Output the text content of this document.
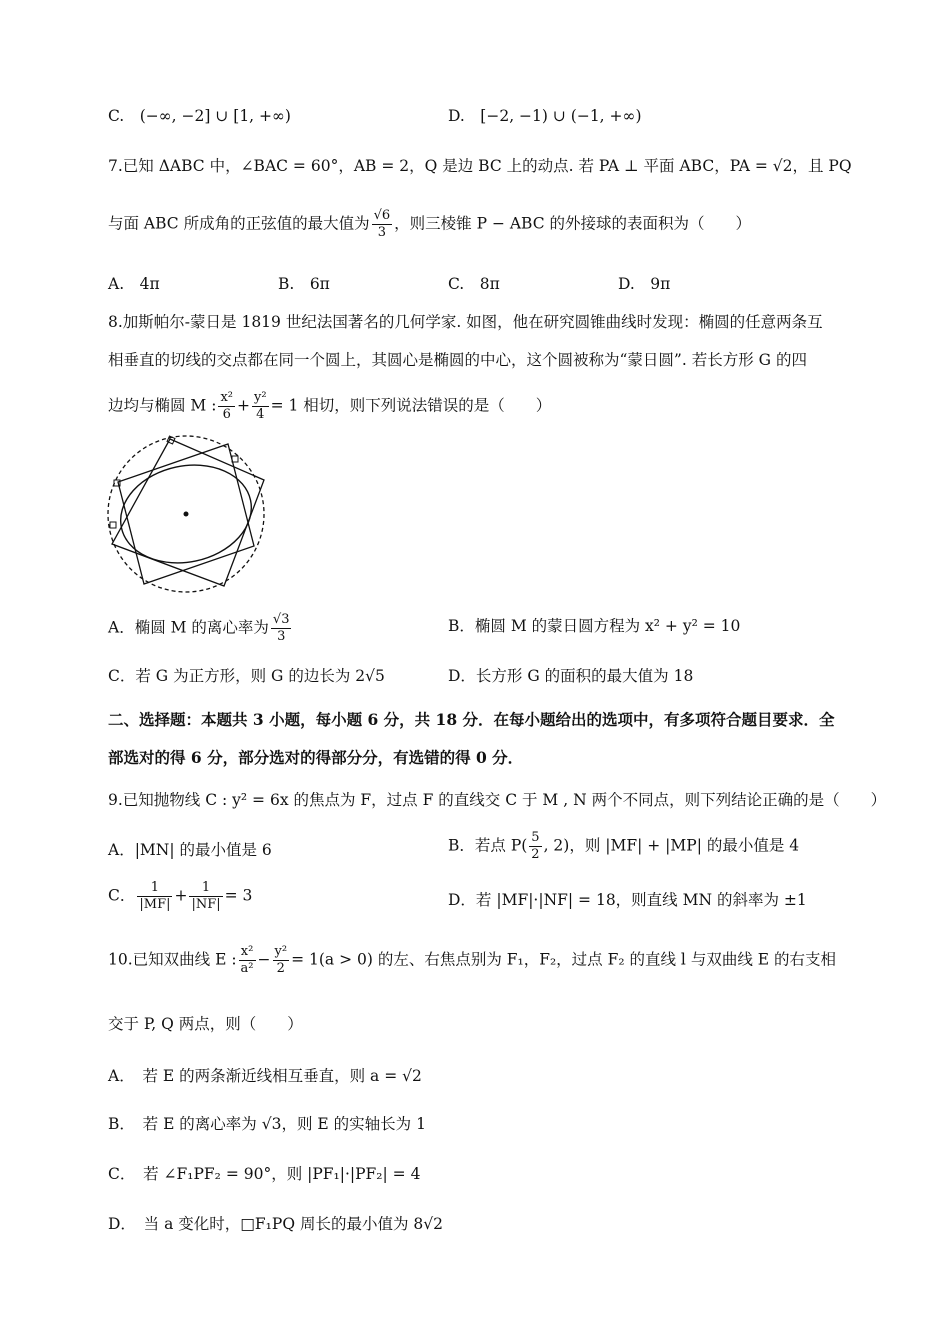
C.　(−∞, −2] ∪ [1, +∞)	D.　[−2, −1) ∪ (−1, +∞)
7.已知 ΔABC 中，∠BAC = 60°，AB = 2，Q 是边 BC 上的动点. 若 PA ⊥ 平面 ABC，PA = √2，且 PQ
与面 ABC 所成角的正弦值的最大值为 $\frac{√6}{3}$ ，则三棱锥 P − ABC 的外接球的表面积为（　　）
A.　4π	B.　6π	C.　8π	D.　9π
8.加斯帕尔-蒙日是 1819 世纪法国著名的几何学家. 如图，他在研究圆锥曲线时发现：椭圆的任意两条互
相垂直的切线的交点都在同一个圆上，其圆心是椭圆的中心，这个圆被称为“蒙日圆”. 若长方形 G 的四
边均与椭圆 M : $\frac{\text{x²}}{6} + \frac{\text{y²}}{4} = 1$ 相切，则下列说法错误的是（　　）
A．椭圆 M 的离心率为 $\frac{√3}{3}$	B．椭圆 M 的蒙日圆方程为 x² + y² = 10
C．若 G 为正方形，则 G 的边长为 2√5	D．长方形 G 的面积的最大值为 18
二、选择题：本题共 3 小题，每小题 6 分，共 18 分．在每小题给出的选项中，有多项符合题目要求．全
部选对的得 6 分，部分选对的得部分分，有选错的得 0 分．
9.已知抛物线 C : y² = 6x 的焦点为 F，过点 F 的直线交 C 于 M , N 两个不同点，则下列结论正确的是（　　）
A．|MN| 的最小值是 6	B．若点 $P( \frac{5}{2}$ , 2)，则 |MF| + |MP| 的最小值是 4
C． $\frac{1}{|MF|} + \frac{1}{|NF|} = 3$	D．若 |MF|·|NF| = 18，则直线 MN 的斜率为 ±1
10.已知双曲线 E : $\frac{\text{x²}}{\text{a²}} - \frac{\text{y²}}{2} = 1(a > 0)$ 的左、右焦点别为 F₁，F₂，过点 F₂ 的直线 l 与双曲线 E 的右支相
交于 P, Q 两点，则（　　）
A．　若 E 的两条渐近线相互垂直，则 a = √2
B．　若 E 的离心率为 √3，则 E 的实轴长为 1
C．　若 ∠F₁PF₂ = 90°，则 |PF₁|·|PF₂| = 4
D．　当 a 变化时，□F₁PQ 周长的最小值为 8√2
